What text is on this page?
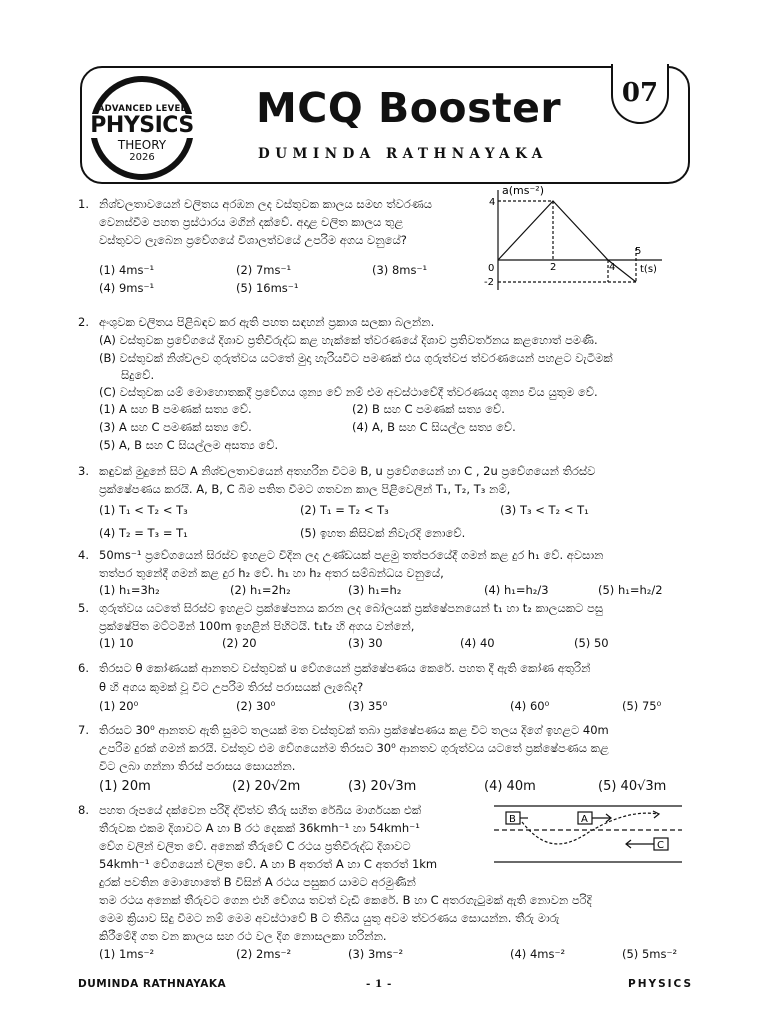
07
ADVANCED LEVEL
PHYSICS
THEORY
2026
MCQ Booster
DUMINDA RATHNAYAKA
1. නිශ්චලතාවයෙන් චලිතය අරඹන ලද වස්තුවක කාලය සමඟ ත්වරණය
වෙනස්වීම පහත ප්‍රස්ථාරය මගින් දක්වේ. අදාළ චලිත කාලය තුළ
වස්තුවට ලැබෙන ප්‍රවේගයේ විශාලත්වයේ උපරිම අගය වනුයේ?
(1) 4ms⁻¹	(2) 7ms⁻¹	(3) 8ms⁻¹
(4) 9ms⁻¹	(5) 16ms⁻¹
a(ms⁻²)
t(s)
0	2	4
5
4
-2
2. අංශුවක චලිතය පිළිබඳව කර ඇති පහත සඳහන් ප්‍රකාශ සලකා බලන්න.
(A) වස්තුවක ප්‍රවේගයේ දිශාව ප්‍රතිවිරුද්ධ කළ හැක්කේ ත්වරණයේ දිශාව ප්‍රතිවර්තනය කළහොත් පමණි.
(B) වස්තුවක් නිශ්චලව ගුරුත්වය යටතේ මුදා හැරියවිට පමණක් එය ගුරුත්වජ ත්වරණයෙන් පහළට වැටීමක්
සිදුවේ.
(C) වස්තුවක යම් මොහොතකදී ප්‍රවේගය ශුන්‍ය වේ නම් එම අවස්ථාවේදී ත්වරණයද ශුන්‍ය විය යුතුම වේ.
(1) A සහ B පමණක් සත්‍ය වේ.	(2) B සහ C පමණක් සත්‍ය වේ.
(3) A සහ C පමණක් සත්‍ය වේ.	(4) A, B සහ C සියල්ල සත්‍ය වේ.
(5) A, B සහ C සියල්ලම අසත්‍ය වේ.
3. කඳුවක් මුදුනේ සිට A නිශ්චලතාවයෙන් අතහරින විටම B, u ප්‍රවේගයෙන් හා C , 2u ප්‍රවේගයෙන් තිරස්ව
ප්‍රක්ෂේපණය කරයි. A, B, C බිම පතිත වීමට ගතවන කාල පිළිවෙලින් T₁, T₂, T₃ නම්,
(1) T₁ < T₂ < T₃	(2) T₁ = T₂ < T₃	(3) T₃ < T₂ < T₁
(4) T₂ = T₃ = T₁	(5) ඉහත කිසිවක් නිවැරදි නොවේ.
4. 50ms⁻¹ ප්‍රවේගයෙන් සිරස්ව ඉහළට විදින ලද උණ්ඩයක් පළමු තත්පරයේදී ගමන් කළ දුර h₁ වේ. අවසාන
තත්පර තුනේදී ගමන් කළ දුර h₂ වේ. h₁ හා h₂ අතර සම්බන්ධය වනුයේ,
(1) h₁=3h₂	(2) h₁=2h₂	(3) h₁=h₂	(4) h₁=h₂/3	(5) h₁=h₂/2
5. ගුරුත්වය යටතේ සිරස්ව ඉහළට ප්‍රක්ෂේපනය කරන ලද බෝලයක් ප්‍රක්ෂේපනයෙන් t₁ හා t₂ කාලයකට පසු
ප්‍රක්ෂේපිත මට්ටමින් 100m ඉහළින් පිහිටයි. t₁t₂ හි අගය වන්නේ,
(1) 10	(2) 20	(3) 30	(4) 40	(5) 50
6. තිරසට θ කෝණයක් ආනතව වස්තුවක් u වේගයෙන් ප්‍රක්ෂේපණය කෙරේ. පහත දී ඇති කෝණ අතුරින්
θ හි අගය කුමක් වූ විට උපරිම තිරස් පරාසයක් ලැබේද?
(1) 20⁰	(2) 30⁰	(3) 35⁰	(4) 60⁰	(5) 75⁰
7. තිරසට 30⁰ ආනතව ඇති සුමට තලයක් මත වස්තුවක් තබා ප්‍රක්ෂේපණය කළ විට තලය දිගේ ඉහළට 40m
උපරිම දුරක් ගමන් කරයි. වස්තුව එම වේගයෙන්ම තිරසට 30⁰ ආනතව ගුරුත්වය යටතේ ප්‍රක්ෂේපණය කළ
විට ලබා ගන්නා තිරස් පරාසය සොයන්න.
(1) 20m	(2) 20√2m	(3) 20√3m	(4) 40m	(5) 40√3m
8. පහත රූපයේ දක්වෙන පරිදි ද්විත්ව තීරු සහිත රේඛීය මාර්ගයක එක්
තීරුවක එකම දිශාවට A හා B රථ දෙකක් 36kmh⁻¹ හා 54kmh⁻¹
වේග වලින් චලිත වේ. අනෙක් තීරුවේ C රථය ප්‍රතිවිරුද්ධ දිශාවට
54kmh⁻¹ වේගයෙන් චලිත වේ. A හා B අතරත් A හා C අතරත් 1km
දුරක් පවතින මොහොතේ B විසින් A රථය පසුකර යාමට අරමුණින්
තම රථය අනෙක් තීරුවට ගෙන එහි වේගය තවත් වැඩි කෙරේ. B හා C අතරගැටුමක් ඇති නොවන පරිදි
මෙම ක්‍රියාව සිදු වීමට නම් මෙම අවස්ථාවේ B ට තිබිය යුතු අවම ත්වරණය සොයන්න. තීරු මාරු
කිරීමේදී ගත වන කාලය සහ රථ වල දිග නොසලකා හරින්න.
(1) 1ms⁻²	(2) 2ms⁻²	(3) 3ms⁻²	(4) 4ms⁻²	(5) 5ms⁻²
B	A
C
DUMINDA RATHNAYAKA	- 1 -	PHYSICS
